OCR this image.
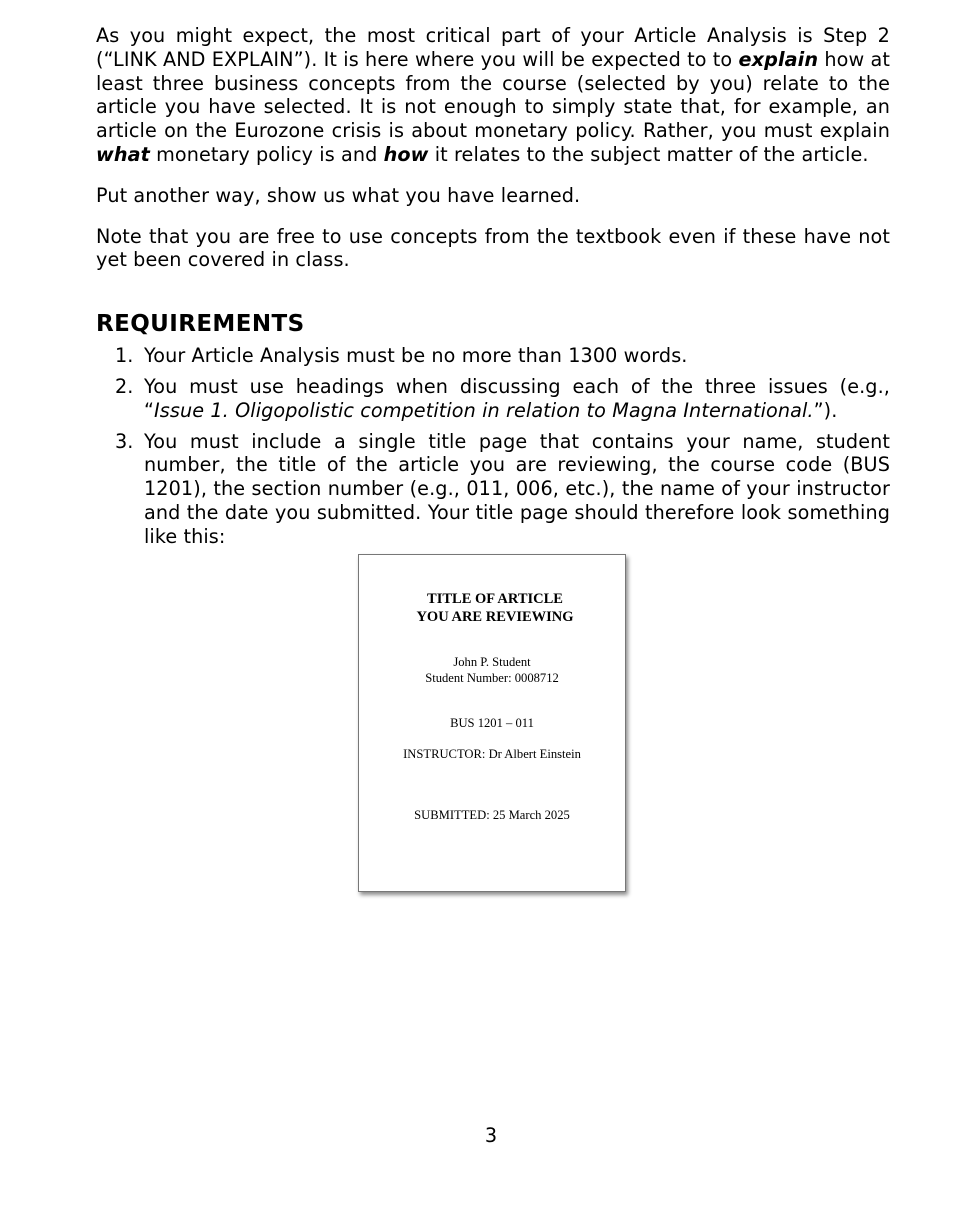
As you might expect, the most critical part of your Article Analysis is Step 2 (“LINK AND EXPLAIN”). It is here where you will be expected to to explain how at least three business concepts from the course (selected by you) relate to the article you have selected. It is not enough to simply state that, for example, an article on the Eurozone crisis is about monetary policy. Rather, you must explain what monetary policy is and how it relates to the subject matter of the article.

Put another way, show us what you have learned.

Note that you are free to use concepts from the textbook even if these have not yet been covered in class.

REQUIREMENTS
1. Your Article Analysis must be no more than 1300 words.
2. You must use headings when discussing each of the three issues (e.g., “Issue 1. Oligopolistic competition in relation to Magna International.”).
3. You must include a single title page that contains your name, student number, the title of the article you are reviewing, the course code (BUS 1201), the section number (e.g., 011, 006, etc.), the name of your instructor and the date you submitted. Your title page should therefore look something like this:
TITLE OF ARTICLE
YOU ARE REVIEWING
John P. Student
Student Number: 0008712
BUS 1201 – 011
INSTRUCTOR: Dr Albert Einstein
SUBMITTED: 25 March 2025
3
